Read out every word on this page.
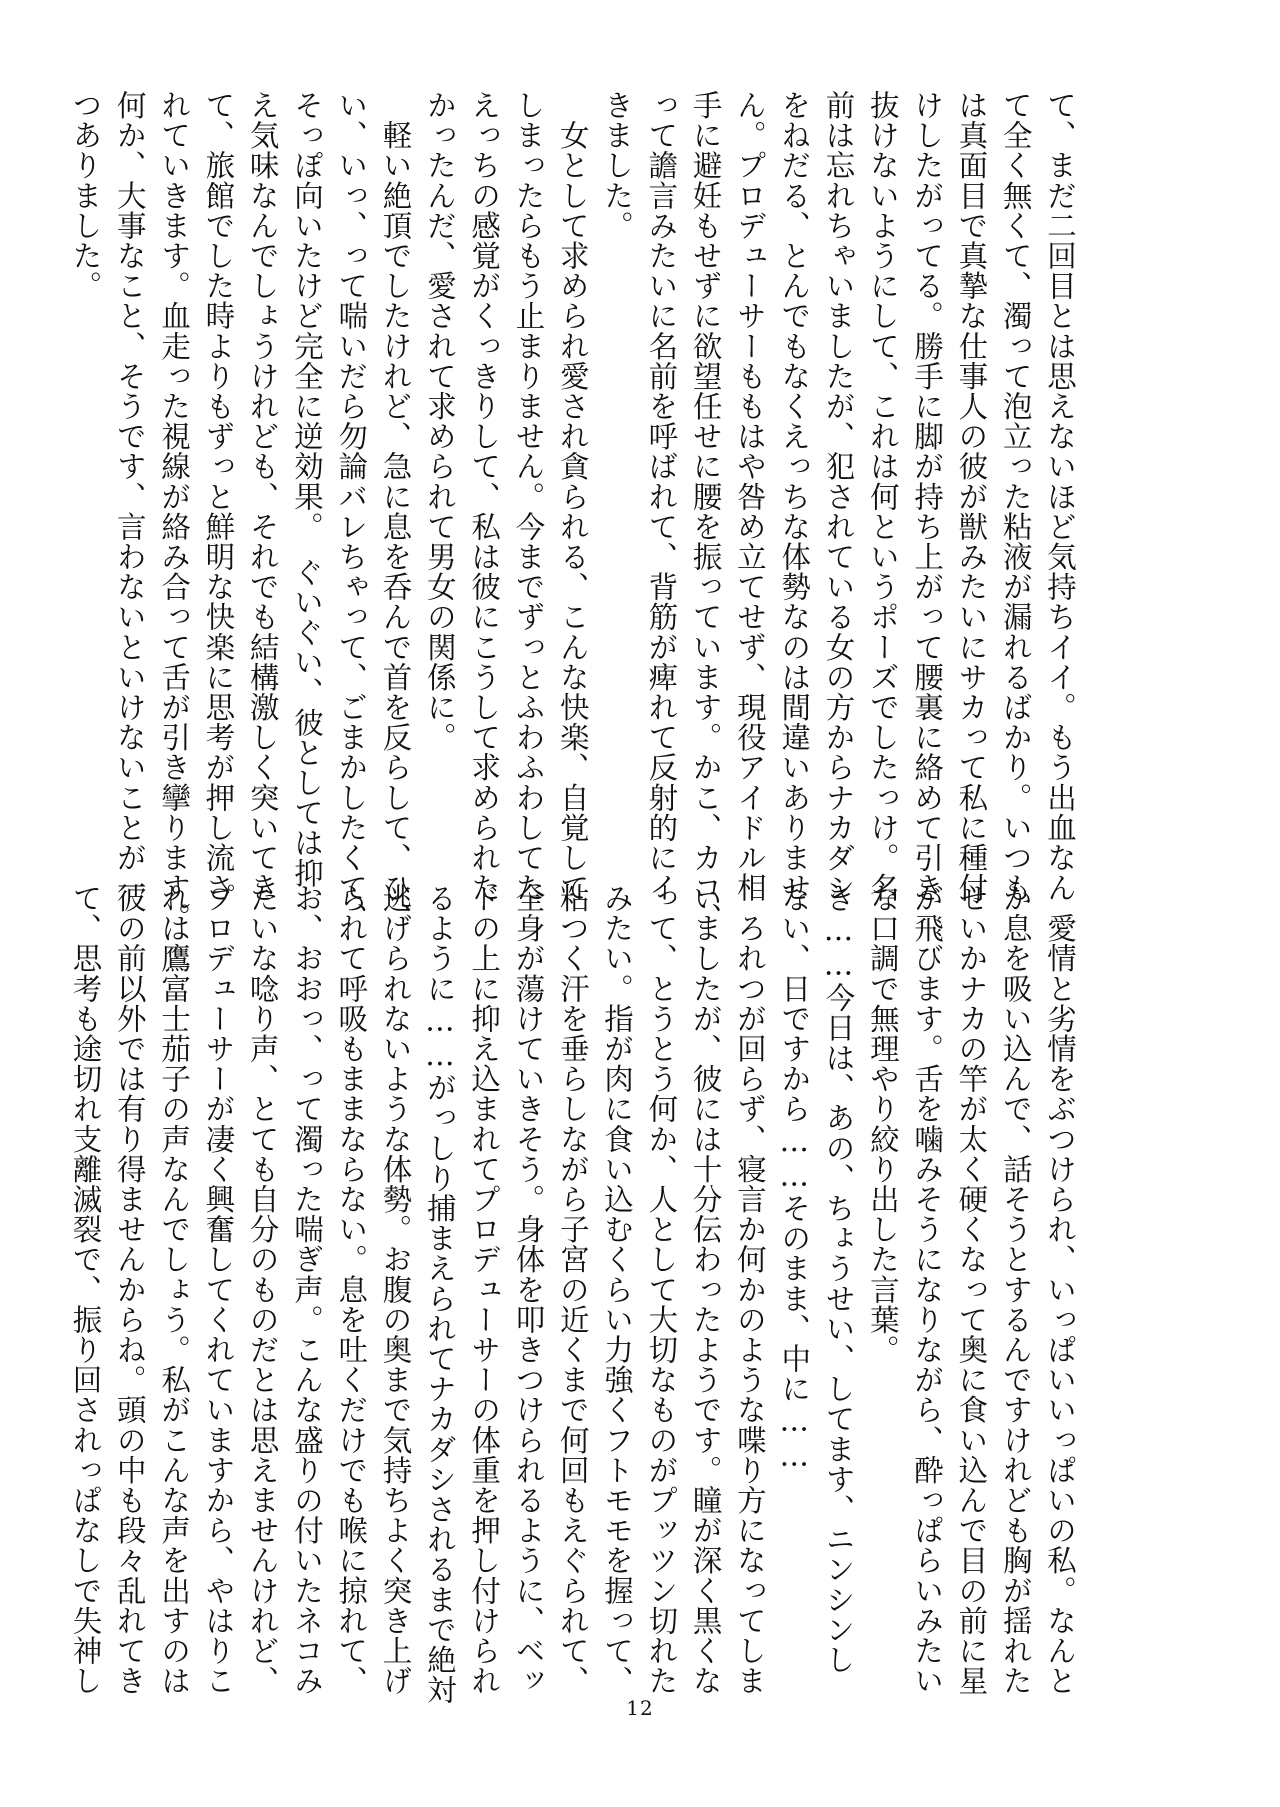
て、まだ二回目とは思えないほど気持ちイイ。もう出血なん
て全く無くて、濁って泡立った粘液が漏れるばかり。いつも
は真面目で真摯な仕事人の彼が獣みたいにサカって私に種付
けしたがってる。勝手に脚が持ち上がって腰裏に絡めて引き
抜けないようにして、これは何というポーズでしたっけ。名
前は忘れちゃいましたが、犯されている女の方からナカダシ
をねだる、とんでもなくえっちな体勢なのは間違いありませ
ん。プロデューサーももはや咎め立てせず、現役アイドル相
手に避妊もせずに欲望任せに腰を振っています。かこ、カコ、
って譫言みたいに名前を呼ばれて、背筋が痺れて反射的にイ
きました。
　女として求められ愛され貪られる、こんな快楽、自覚して
しまったらもう止まりません。今までずっとふわふわしてた
えっちの感覚がくっきりして、私は彼にこうして求められた
かったんだ、愛されて求められて男女の関係に。
　軽い絶頂でしたけれど、急に息を呑んで首を反らして、ひ、
い、いっ、って喘いだら勿論バレちゃって、ごまかしたくて、
そっぽ向いたけど完全に逆効果。　ぐいぐい、彼としては抑
え気味なんでしょうけれども、それでも結構激しく突いてき
て、旅館でした時よりもずっと鮮明な快楽に思考が押し流さ
れていきます。血走った視線が絡み合って舌が引き攣ります。
何か、大事なこと、そうです、言わないといけないことが一
つありました。
　愛情と劣情をぶつけられ、いっぱいいっぱいの私。なんと
か息を吸い込んで、話そうとするんですけれども胸が揺れた
せいかナカの竿が太く硬くなって奥に食い込んで目の前に星
が飛びます。舌を噛みそうになりながら、酔っぱらいみたい
な口調で無理やり絞り出した言葉。
き……今日は、あの、ちょうせい、してます、ニンシンし
ない、日ですから……そのまま、中に……
　ろれつが回らず、寝言か何かのような喋り方になってしま
いましたが、彼には十分伝わったようです。瞳が深く黒くな
って、とうとう何か、人として大切なものがプッツン切れた
みたい。指が肉に食い込むくらい力強くフトモモを握って、
粘つく汗を垂らしながら子宮の近くまで何回もえぐられて、
全身が蕩けていきそう。身体を叩きつけられるように、ベッ
ドの上に抑え込まれてプロデューサーの体重を押し付けられ
るように……がっしり捕まえられてナカダシされるまで絶対
逃げられないような体勢。お腹の奥まで気持ちよく突き上げ
られて呼吸もままならない。息を吐くだけでも喉に掠れて、
お、おおっ、って濁った喘ぎ声。こんな盛りの付いたネコみ
たいな唸り声、とても自分のものだとは思えませんけれど、
プロデューサーが凄く興奮してくれていますから、やはりこ
れは鷹富士茄子の声なんでしょう。私がこんな声を出すのは
彼の前以外では有り得ませんからね。頭の中も段々乱れてき
て、思考も途切れ支離滅裂で、振り回されっぱなしで失神し
12
